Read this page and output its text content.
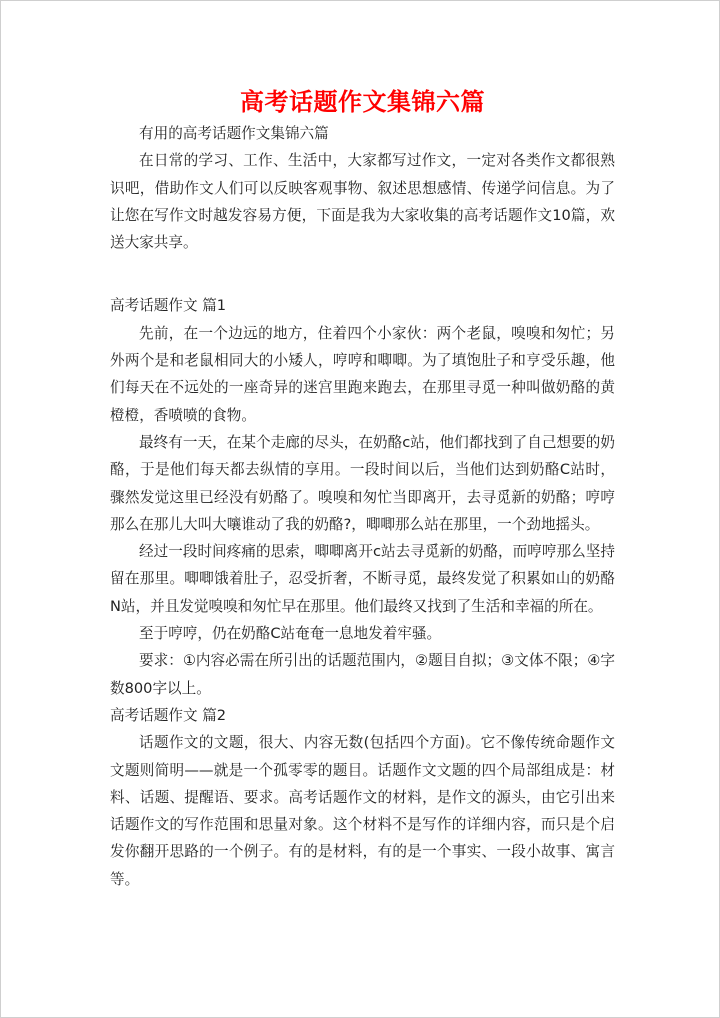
高考话题作文集锦六篇

有用的高考话题作文集锦六篇

在日常的学习、工作、生活中，大家都写过作文，一定对各类作文都很熟识吧，借助作文人们可以反映客观事物、叙述思想感情、传递学问信息。为了让您在写作文时越发容易方便，下面是我为大家收集的高考话题作文10篇，欢送大家共享。

高考话题作文 篇1

先前，在一个边远的地方，住着四个小家伙：两个老鼠，嗅嗅和匆忙；另外两个是和老鼠相同大的小矮人，哼哼和唧唧。为了填饱肚子和亨受乐趣，他们每天在不远处的一座奇异的迷宫里跑来跑去，在那里寻觅一种叫做奶酪的黄橙橙，香喷喷的食物。

最终有一天，在某个走廊的尽头，在奶酪c站，他们都找到了自己想要的奶酪，于是他们每天都去纵情的享用。一段时间以后，当他们达到奶酪C站时，骤然发觉这里已经没有奶酪了。嗅嗅和匆忙当即离开，去寻觅新的奶酪；哼哼那么在那儿大叫大嚷谁动了我的奶酪?，唧唧那么站在那里，一个劲地摇头。

经过一段时间疼痛的思索，唧唧离开c站去寻觅新的奶酪，而哼哼那么坚持留在那里。唧唧饿着肚子，忍受折奢，不断寻觅，最终发觉了积累如山的奶酪N站，并且发觉嗅嗅和匆忙早在那里。他们最终又找到了生活和幸福的所在。

至于哼哼，仍在奶酪C站奄奄一息地发着牢骚。

要求：①内容必需在所引出的话题范围内，②题目自拟；③文体不限；④字数800字以上。

高考话题作文 篇2

话题作文的文题，很大、内容无数(包括四个方面)。它不像传统命题作文文题则简明——就是一个孤零零的题目。话题作文文题的四个局部组成是：材料、话题、提醒语、要求。高考话题作文的材料，是作文的源头，由它引出来话题作文的写作范围和思量对象。这个材料不是写作的详细内容，而只是个启发你翻开思路的一个例子。有的是材料，有的是一个事实、一段小故事、寓言等。
